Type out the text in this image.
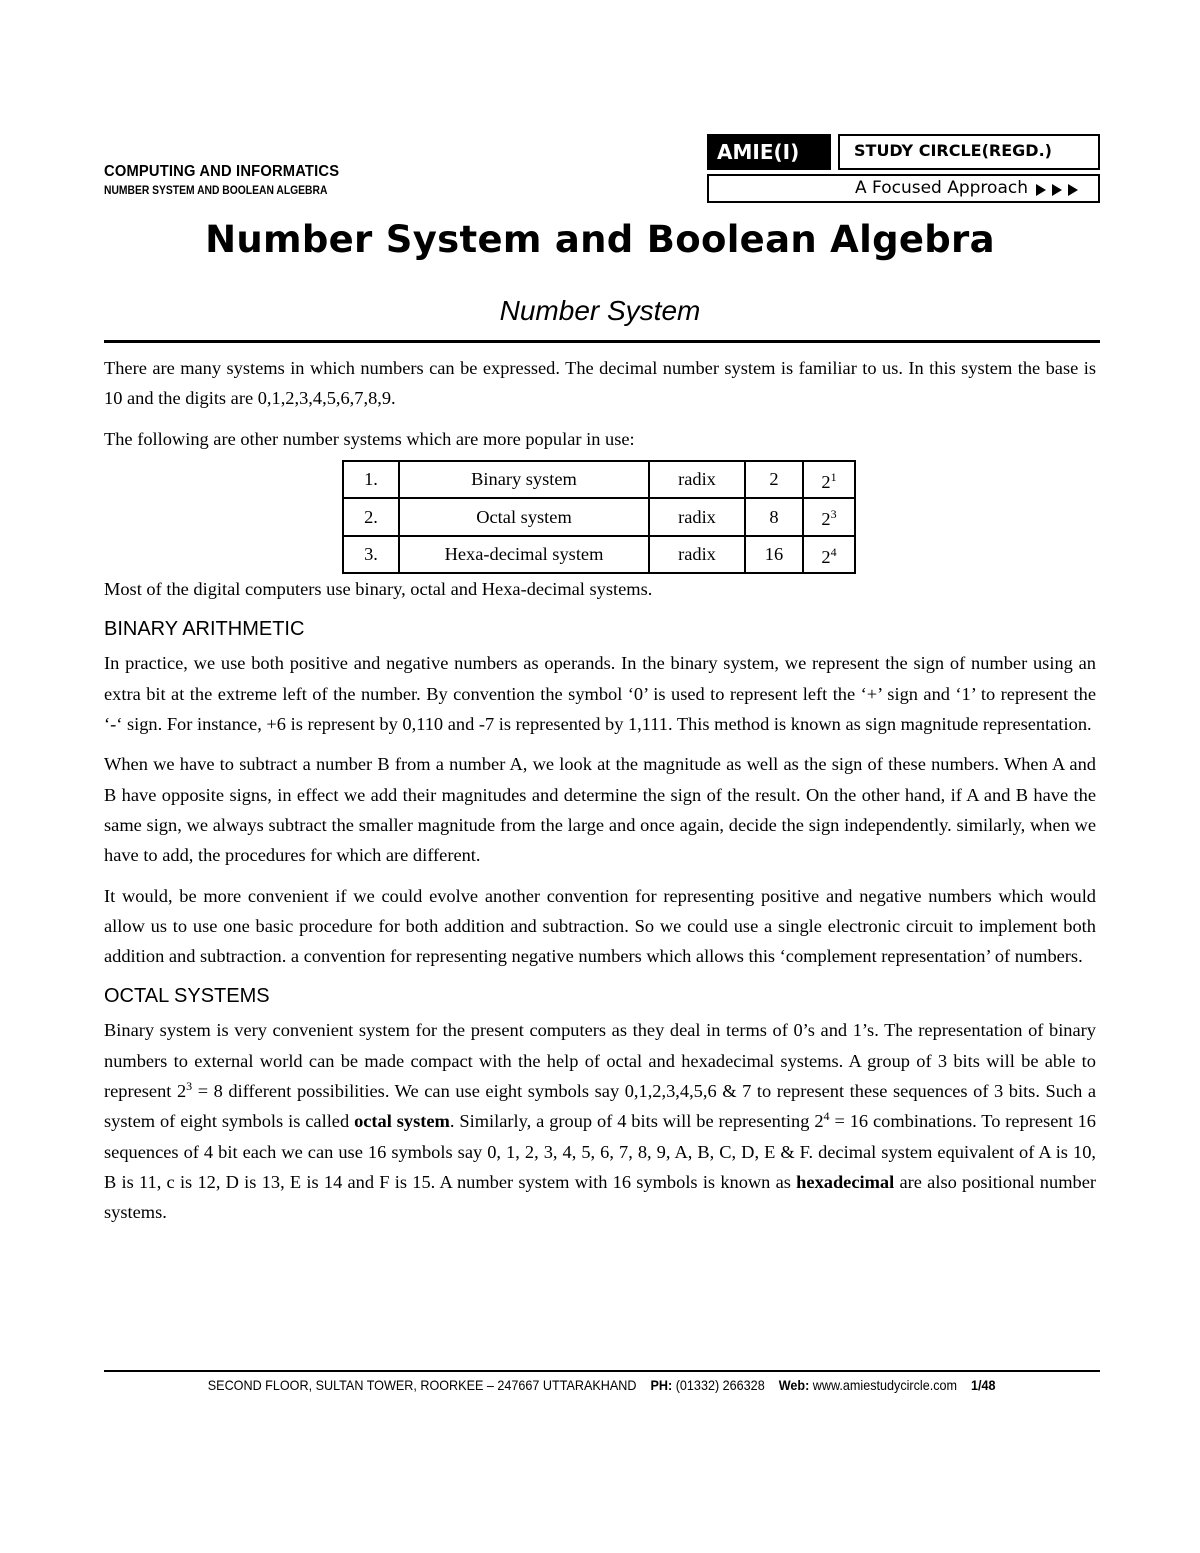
COMPUTING AND INFORMATICS
NUMBER SYSTEM AND BOOLEAN ALGEBRA
AMIE(I)	STUDY CIRCLE(REGD.)
A Focused Approach
Number System and Boolean Algebra
Number System

There are many systems in which numbers can be expressed. The decimal number system is familiar to us. In this system the base is 10 and the digits are 0,1,2,3,4,5,6,7,8,9.

The following are other number systems which are more popular in use:

1.	Binary system	radix	2	$2^1$
2.	Octal system	radix	8	$2^3$
3.	Hexa-decimal system	radix	16	$2^4$

Most of the digital computers use binary, octal and Hexa-decimal systems.

BINARY ARITHMETIC

In practice, we use both positive and negative numbers as operands. In the binary system, we represent the sign of number using an extra bit at the extreme left of the number. By convention the symbol ‘0’ is used to represent left the ‘+’ sign and ‘1’ to represent the ‘-‘ sign. For instance, +6 is represent by 0,110 and -7 is represented by 1,111. This method is known as sign magnitude representation.

When we have to subtract a number B from a number A, we look at the magnitude as well as the sign of these numbers. When A and B have opposite signs, in effect we add their magnitudes and determine the sign of the result. On the other hand, if A and B have the same sign, we always subtract the smaller magnitude from the large and once again, decide the sign independently. similarly, when we have to add, the procedures for which are different.

It would, be more convenient if we could evolve another convention for representing positive and negative numbers which would allow us to use one basic procedure for both addition and subtraction. So we could use a single electronic circuit to implement both addition and subtraction. a convention for representing negative numbers which allows this ‘complement representation’ of numbers.

OCTAL SYSTEMS

Binary system is very convenient system for the present computers as they deal in terms of 0’s and 1’s. The representation of binary numbers to external world can be made compact with the help of octal and hexadecimal systems. A group of 3 bits will be able to represent $2^3 = 8$ different possibilities. We can use eight symbols say 0,1,2,3,4,5,6 & 7 to represent these sequences of 3 bits. Such a system of eight symbols is called octal system. Similarly, a group of 4 bits will be representing $2^4 = 16$ combinations. To represent 16 sequences of 4 bit each we can use 16 symbols say 0, 1, 2, 3, 4, 5, 6, 7, 8, 9, A, B, C, D, E & F. decimal system equivalent of A is 10, B is 11, c is 12, D is 13, E is 14 and F is 15. A number system with 16 symbols is known as hexadecimal are also positional number systems.

SECOND FLOOR, SULTAN TOWER, ROORKEE – 247667 UTTARAKHAND PH: (01332) 266328 Web: www.amiestudycircle.com 1/48
